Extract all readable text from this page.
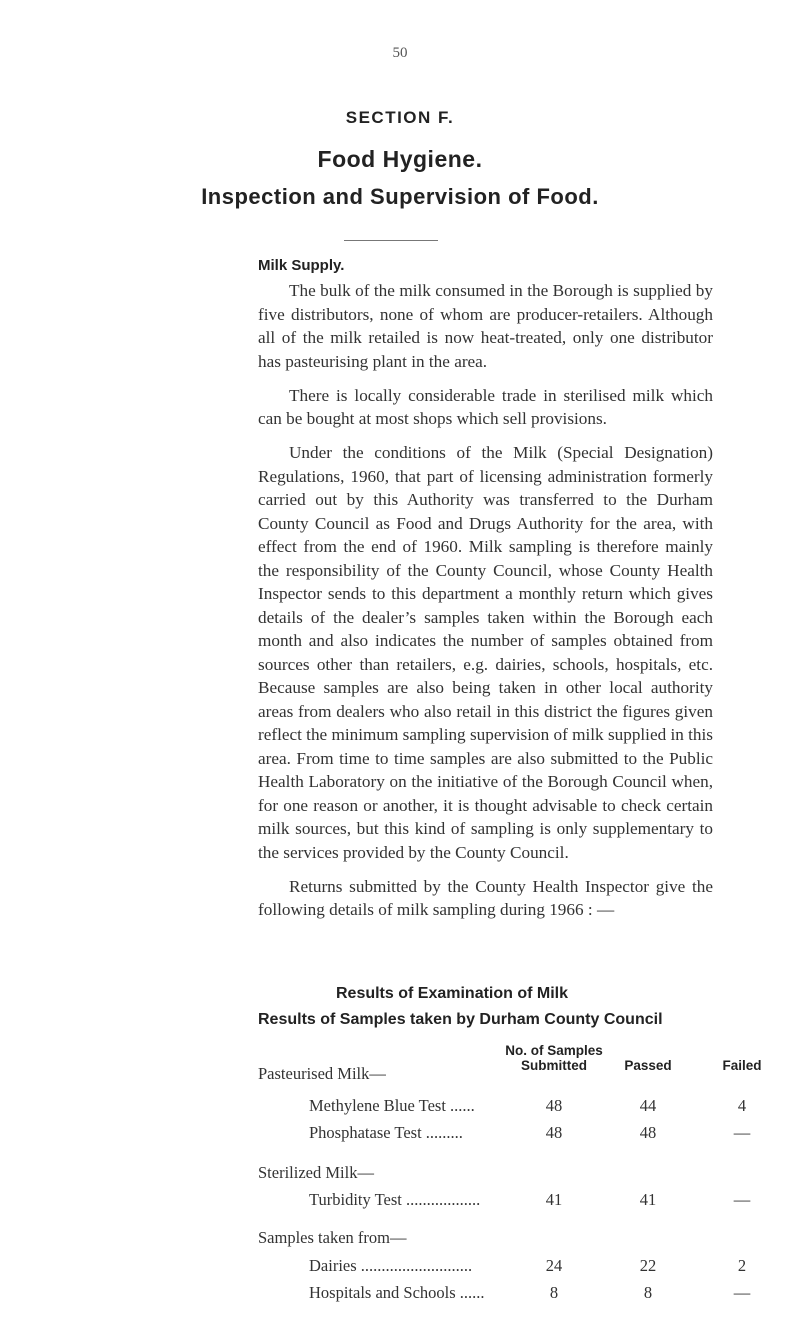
50
SECTION F.
Food Hygiene.
Inspection and Supervision of Food.
Milk Supply.

The bulk of the milk consumed in the Borough is supplied by five distributors, none of whom are producer-retailers. Although all of the milk retailed is now heat-treated, only one distributor has pasteurising plant in the area.

There is locally considerable trade in sterilised milk which can be bought at most shops which sell provisions.

Under the conditions of the Milk (Special Designation) Regulations, 1960, that part of licensing administration formerly carried out by this Authority was transferred to the Durham County Council as Food and Drugs Authority for the area, with effect from the end of 1960. Milk sampling is therefore mainly the responsibility of the County Council, whose County Health Inspector sends to this department a monthly return which gives details of the dealer’s samples taken within the Borough each month and also indicates the number of samples obtained from sources other than retailers, e.g. dairies, schools, hospitals, etc. Because samples are also being taken in other local authority areas from dealers who also retail in this district the figures given reflect the minimum sampling supervision of milk supplied in this area. From time to time samples are also submitted to the Public Health Laboratory on the initiative of the Borough Council when, for one reason or another, it is thought advisable to check certain milk sources, but this kind of sampling is only supplementary to the services provided by the County Council.

Returns submitted by the County Health Inspector give the following details of milk sampling during 1966 : —

Results of Examination of Milk
Results of Samples taken by Durham County Council
No. of Samples Submitted	Passed	Failed
Pasteurised Milk—
Methylene Blue Test ......	48	44	4
Phosphatase Test .........	48	48	—
Sterilized Milk—
Turbidity Test ..................	41	41	—
Samples taken from—
Dairies ...........................	24	22	2
Hospitals and Schools ......	8	8	—
